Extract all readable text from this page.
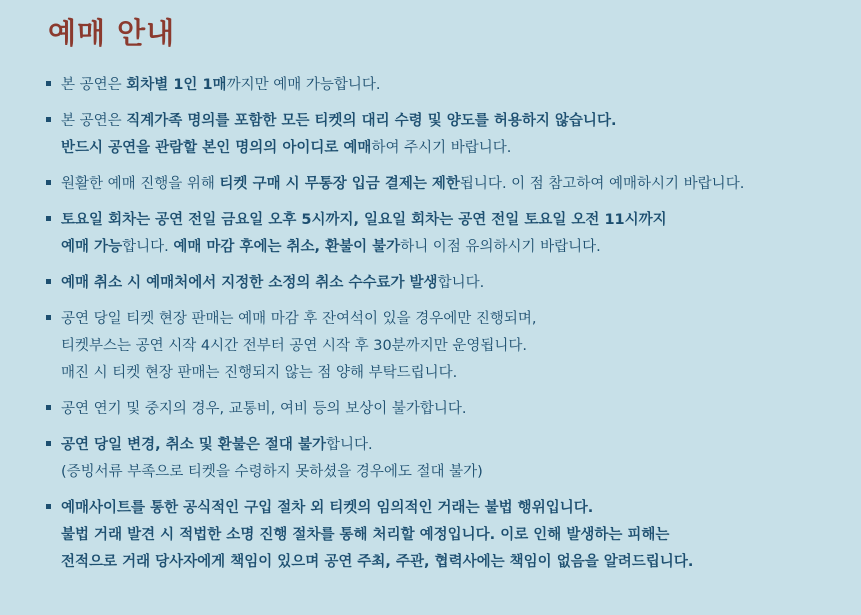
예매 안내
본 공연은 회차별 1인 1매까지만 예매 가능합니다.
본 공연은 직계가족 명의를 포함한 모든 티켓의 대리 수령 및 양도를 허용하지 않습니다.
반드시 공연을 관람할 본인 명의의 아이디로 예매하여 주시기 바랍니다.
원활한 예매 진행을 위해 티켓 구매 시 무통장 입금 결제는 제한됩니다. 이 점 참고하여 예매하시기 바랍니다.
토요일 회차는 공연 전일 금요일 오후 5시까지, 일요일 회차는 공연 전일 토요일 오전 11시까지
예매 가능합니다. 예매 마감 후에는 취소, 환불이 불가하니 이점 유의하시기 바랍니다.
예매 취소 시 예매처에서 지정한 소정의 취소 수수료가 발생합니다.
공연 당일 티켓 현장 판매는 예매 마감 후 잔여석이 있을 경우에만 진행되며,
티켓부스는 공연 시작 4시간 전부터 공연 시작 후 30분까지만 운영됩니다.
매진 시 티켓 현장 판매는 진행되지 않는 점 양해 부탁드립니다.
공연 연기 및 중지의 경우, 교통비, 여비 등의 보상이 불가합니다.
공연 당일 변경, 취소 및 환불은 절대 불가합니다.
(증빙서류 부족으로 티켓을 수령하지 못하셨을 경우에도 절대 불가)
예매사이트를 통한 공식적인 구입 절차 외 티켓의 임의적인 거래는 불법 행위입니다.
불법 거래 발견 시 적법한 소명 진행 절차를 통해 처리할 예정입니다. 이로 인해 발생하는 피해는
전적으로 거래 당사자에게 책임이 있으며 공연 주최, 주관, 협력사에는 책임이 없음을 알려드립니다.
